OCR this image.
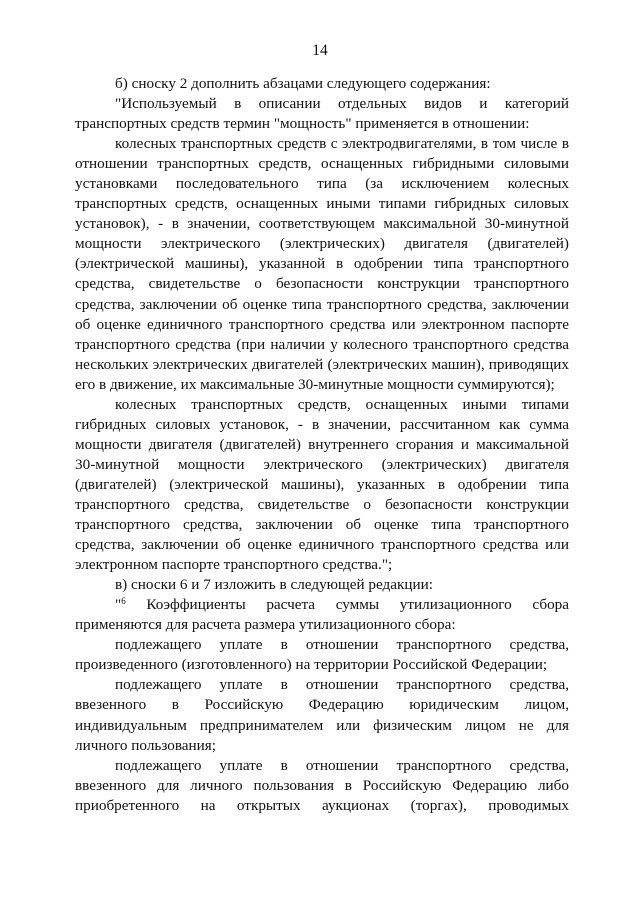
14

б) сноску 2 дополнить абзацами следующего содержания:

"Используемый в описании отдельных видов и категорий транспортных средств термин "мощность" применяется в отношении:

колесных транспортных средств с электродвигателями, в том числе в отношении транспортных средств, оснащенных гибридными силовыми установками последовательного типа (за исключением колесных транспортных средств, оснащенных иными типами гибридных силовых установок), - в значении, соответствующем максимальной 30-минутной мощности электрического (электрических) двигателя (двигателей) (электрической машины), указанной в одобрении типа транспортного средства, свидетельстве о безопасности конструкции транспортного средства, заключении об оценке типа транспортного средства, заключении об оценке единичного транспортного средства или электронном паспорте транспортного средства (при наличии у колесного транспортного средства нескольких электрических двигателей (электрических машин), приводящих его в движение, их максимальные 30-минутные мощности суммируются);

колесных транспортных средств, оснащенных иными типами гибридных силовых установок, - в значении, рассчитанном как сумма мощности двигателя (двигателей) внутреннего сгорания и максимальной 30-минутной мощности электрического (электрических) двигателя (двигателей) (электрической машины), указанных в одобрении типа транспортного средства, свидетельстве о безопасности конструкции транспортного средства, заключении об оценке типа транспортного средства, заключении об оценке единичного транспортного средства или электронном паспорте транспортного средства.";

в) сноски 6 и 7 изложить в следующей редакции:

"$^6$ Коэффициенты расчета суммы утилизационного сбора применяются для расчета размера утилизационного сбора:

подлежащего уплате в отношении транспортного средства, произведенного (изготовленного) на территории Российской Федерации;

подлежащего уплате в отношении транспортного средства, ввезенного в Российскую Федерацию юридическим лицом, индивидуальным предпринимателем или физическим лицом не для личного пользования;

подлежащего уплате в отношении транспортного средства, ввезенного для личного пользования в Российскую Федерацию либо приобретенного на открытых аукционах (торгах), проводимых
